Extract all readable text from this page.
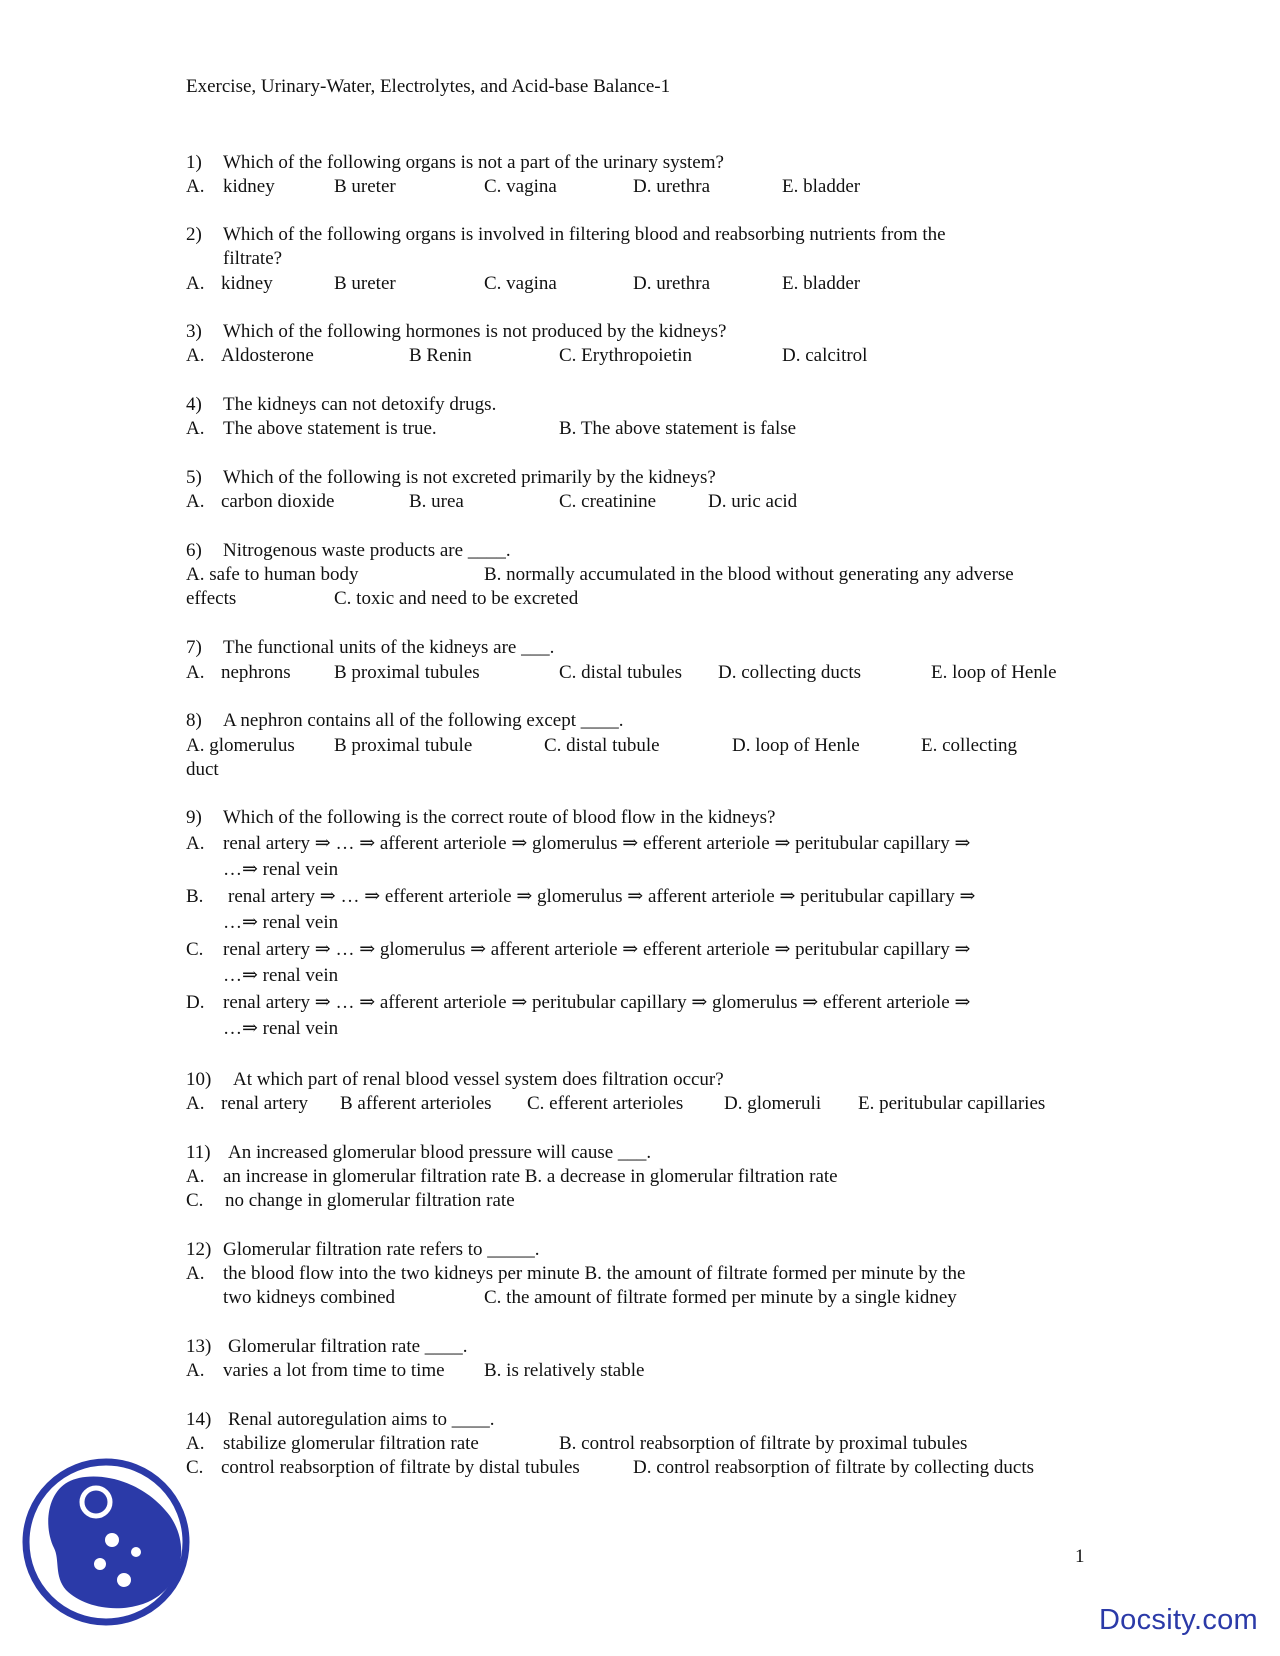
Exercise, Urinary-Water, Electrolytes, and Acid-base Balance-1
1) Which of the following organs is not a part of the urinary system?
A. kidney	B ureter	C. vagina	D. urethra	E. bladder
2) Which of the following organs is involved in filtering blood and reabsorbing nutrients from the
filtrate?
A. kidney	B ureter	C. vagina	D. urethra	E. bladder
3) Which of the following hormones is not produced by the kidneys?
A. Aldosterone	B Renin	C. Erythropoietin	D. calcitrol
4) The kidneys can not detoxify drugs.
A. The above statement is true.	B. The above statement is false
5) Which of the following is not excreted primarily by the kidneys?
A. carbon dioxide	B. urea	C. creatinine	D. uric acid
6) Nitrogenous waste products are ____.
A. safe to human body	B. normally accumulated in the blood without generating any adverse
effects	C. toxic and need to be excreted
7) The functional units of the kidneys are ___.
A. nephrons B proximal tubules	C. distal tubules D. collecting ducts	E. loop of Henle
8) A nephron contains all of the following except ____.
A. glomerulus B proximal tubule	C. distal tubule	D. loop of Henle	E. collecting
duct
9) Which of the following is the correct route of blood flow in the kidneys?
A. renal artery ⇒ … ⇒ afferent arteriole ⇒ glomerulus ⇒ efferent arteriole ⇒ peritubular capillary ⇒
…⇒ renal vein
B. renal artery ⇒ … ⇒ efferent arteriole ⇒ glomerulus ⇒ afferent arteriole ⇒ peritubular capillary ⇒
…⇒ renal vein
C. renal artery ⇒ … ⇒ glomerulus ⇒ afferent arteriole ⇒ efferent arteriole ⇒ peritubular capillary ⇒
…⇒ renal vein
D. renal artery ⇒ … ⇒ afferent arteriole ⇒ peritubular capillary ⇒ glomerulus ⇒ efferent arteriole ⇒
…⇒ renal vein
10) At which part of renal blood vessel system does filtration occur?
A. renal artery B afferent arterioles C. efferent arterioles D. glomeruli E. peritubular capillaries
11) An increased glomerular blood pressure will cause ___.
A. an increase in glomerular filtration rate B. a decrease in glomerular filtration rate
C. no change in glomerular filtration rate
12) Glomerular filtration rate refers to _____.
A. the blood flow into the two kidneys per minute B. the amount of filtrate formed per minute by the
two kidneys combined	C. the amount of filtrate formed per minute by a single kidney
13) Glomerular filtration rate ____.
A. varies a lot from time to time B. is relatively stable
14) Renal autoregulation aims to ____.
A. stabilize glomerular filtration rate	B. control reabsorption of filtrate by proximal tubules
C. control reabsorption of filtrate by distal tubules	D. control reabsorption of filtrate by collecting ducts
1
Docsity.com
